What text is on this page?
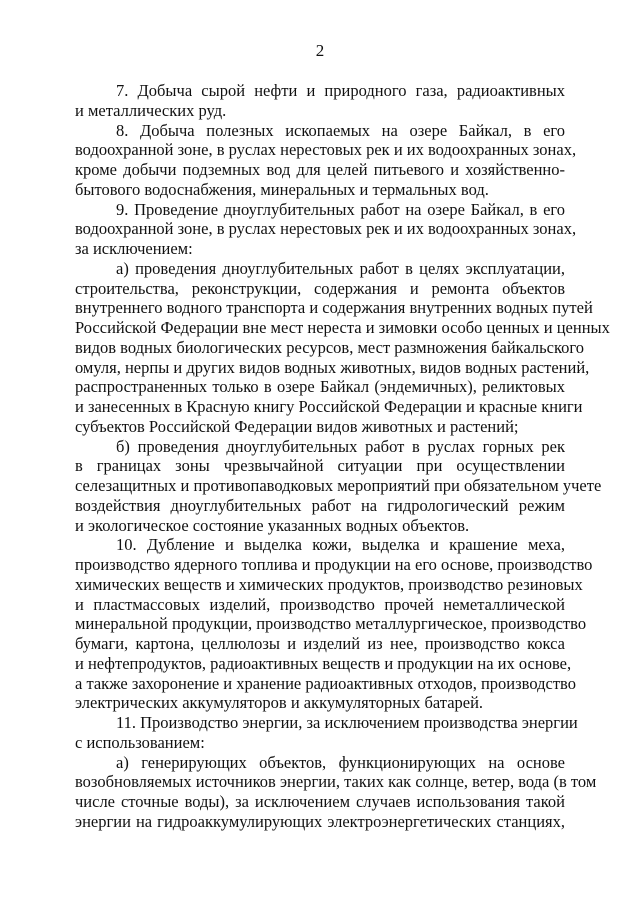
2
7. Добыча сырой нефти и природного газа, радиоактивных
и металлических руд.
8. Добыча полезных ископаемых на озере Байкал, в его
водоохранной зоне, в руслах нерестовых рек и их водоохранных зонах,
кроме добычи подземных вод для целей питьевого и хозяйственно-
бытового водоснабжения, минеральных и термальных вод.
9. Проведение дноуглубительных работ на озере Байкал, в его
водоохранной зоне, в руслах нерестовых рек и их водоохранных зонах,
за исключением:
а) проведения дноуглубительных работ в целях эксплуатации,
строительства, реконструкции, содержания и ремонта объектов
внутреннего водного транспорта и содержания внутренних водных путей
Российской Федерации вне мест нереста и зимовки особо ценных и ценных
видов водных биологических ресурсов, мест размножения байкальского
омуля, нерпы и других видов водных животных, видов водных растений,
распространенных только в озере Байкал (эндемичных), реликтовых
и занесенных в Красную книгу Российской Федерации и красные книги
субъектов Российской Федерации видов животных и растений;
б) проведения дноуглубительных работ в руслах горных рек
в границах зоны чрезвычайной ситуации при осуществлении
селезащитных и противопаводковых мероприятий при обязательном учете
воздействия дноуглубительных работ на гидрологический режим
и экологическое состояние указанных водных объектов.
10. Дубление и выделка кожи, выделка и крашение меха,
производство ядерного топлива и продукции на его основе, производство
химических веществ и химических продуктов, производство резиновых
и пластмассовых изделий, производство прочей неметаллической
минеральной продукции, производство металлургическое, производство
бумаги, картона, целлюлозы и изделий из нее, производство кокса
и нефтепродуктов, радиоактивных веществ и продукции на их основе,
а также захоронение и хранение радиоактивных отходов, производство
электрических аккумуляторов и аккумуляторных батарей.
11. Производство энергии, за исключением производства энергии
с использованием:
а) генерирующих объектов, функционирующих на основе
возобновляемых источников энергии, таких как солнце, ветер, вода (в том
числе сточные воды), за исключением случаев использования такой
энергии на гидроаккумулирующих электроэнергетических станциях,
